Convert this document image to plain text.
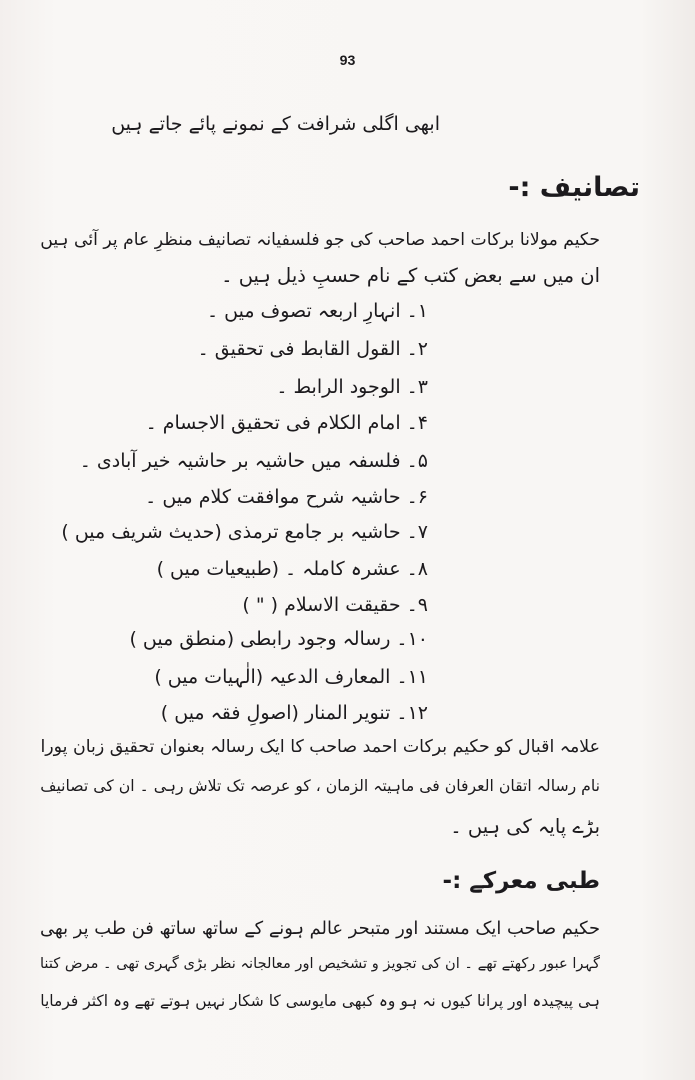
93
ابھی اگلی شرافت کے نمونے پائے جاتے ہیں
تصانیف :-
حکیم مولانا برکات احمد صاحب کی جو فلسفیانہ تصانیف منظرِ عام پر آئی ہیں
ان میں سے بعض کتب کے نام حسبِ ذیل ہیں ۔
۱۔ انہارِ اربعہ تصوف میں ۔
۲۔ القول القابط فی تحقیق ۔
۳۔ الوجود الرابط ۔
۴۔ امام الکلام فی تحقیق الاجسام ۔
۵۔ فلسفہ میں حاشیہ بر حاشیہ خیر آبادی ۔
۶۔ حاشیہ شرح موافقت کلام میں ۔
۷۔ حاشیہ بر جامع ترمذی (حدیث شریف میں )
۸۔ عشرہ کاملہ ۔ (طبیعیات میں )
۹۔ حقیقت الاسلام ( " )
۱۰۔ رسالہ وجود رابطی (منطق میں )
۱۱۔ المعارف الدعیہ (الٰہیات میں )
۱۲۔ تنویر المنار (اصولِ فقہ میں )
علامہ اقبال کو حکیم برکات احمد صاحب کا ایک رسالہ بعنوان تحقیق زبان پورا
نام رسالہ اتقان العرفان فی ماہیتہ الزمان ، کو عرصہ تک تلاش رہی ۔ ان کی تصانیف
بڑے پایہ کی ہیں ۔
طبی معرکے :-
حکیم صاحب ایک مستند اور متبحر عالم ہونے کے ساتھ ساتھ فن طب پر بھی
گہرا عبور رکھتے تھے ۔ ان کی تجویز و تشخیص اور معالجانہ نظر بڑی گہری تھی ۔ مرض کتنا
ہی پیچیدہ اور پرانا کیوں نہ ہو وہ کبھی مایوسی کا شکار نہیں ہوتے تھے وہ اکثر فرمایا
